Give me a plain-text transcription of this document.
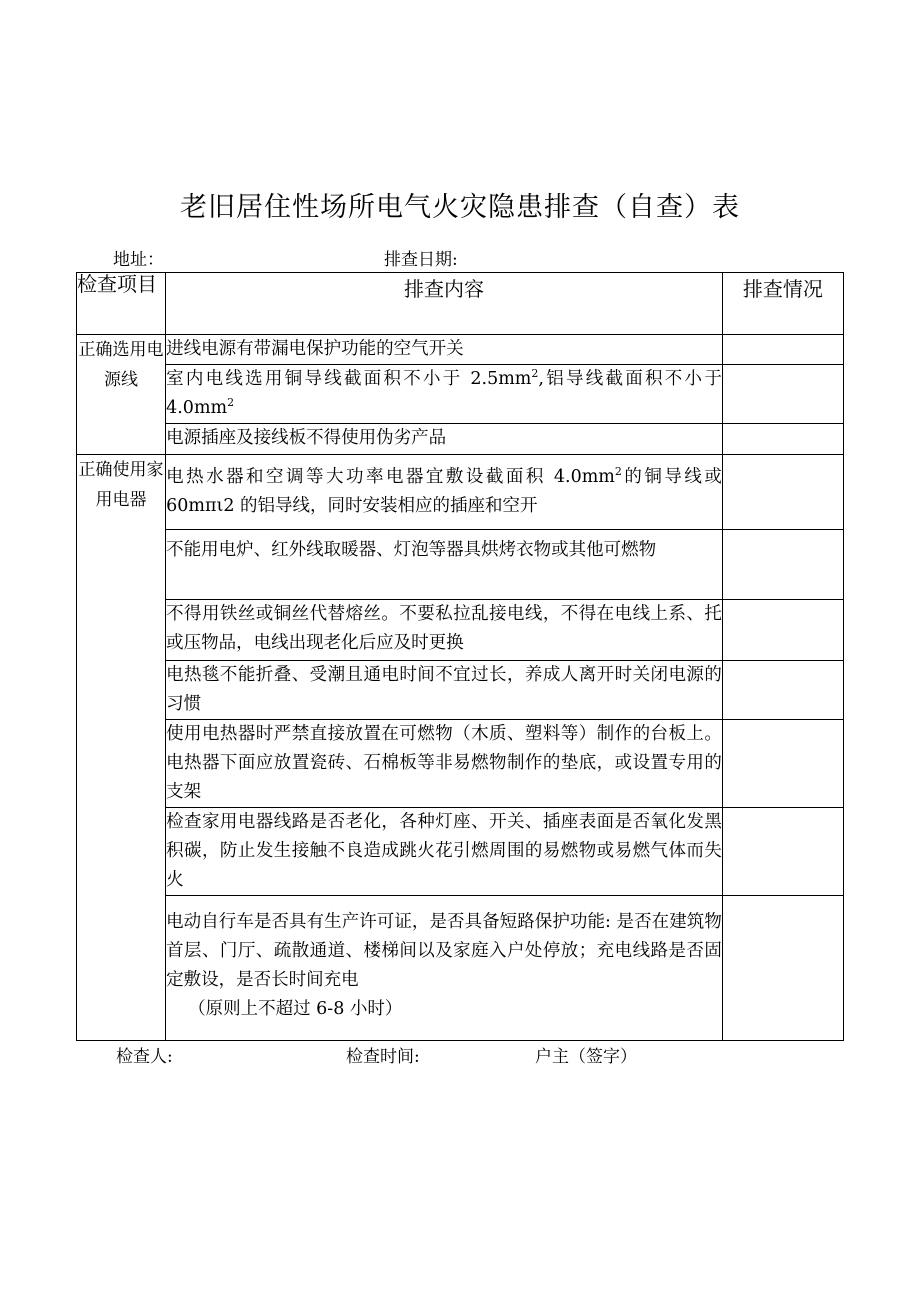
老旧居住性场所电气火灾隐患排查（自查）表
地址：	排查日期:
检查项目	排查内容	排查情况
正确选用电源线	进线电源有带漏电保护功能的空气开关	
	室内电线选用铜导线截面积不小于 $2.5mm^2$,铝导线截面积不小于 $4.0mm^2$	
	电源插座及接线板不得使用伪劣产品	
正确使用家用电器	电热水器和空调等大功率电器宜敷设截面积 $4.0mm^2$的铜导线或60mπι2 的铝导线，同时安装相应的插座和空开	
	不能用电炉、红外线取暖器、灯泡等器具烘烤衣物或其他可燃物	
	不得用铁丝或铜丝代替熔丝。不要私拉乱接电线，不得在电线上系、托或压物品，电线出现老化后应及时更换	
	电热毯不能折叠、受潮且通电时间不宜过长，养成人离开时关闭电源的习惯	
	使用电热器时严禁直接放置在可燃物（木质、塑料等）制作的台板上。电热器下面应放置瓷砖、石棉板等非易燃物制作的垫底，或设置专用的支架	
	检查家用电器线路是否老化，各种灯座、开关、插座表面是否氧化发黑积碳，防止发生接触不良造成跳火花引燃周围的易燃物或易燃气体而失火	
	电动自行车是否具有生产许可证，是否具备短路保护功能: 是否在建筑物首层、门厅、疏散通道、楼梯间以及家庭入户处停放；充电线路是否固定敷设，是否长时间充电
（原则上不超过 6-8 小时）	

检查人:	检查时间:	户主（签字）
